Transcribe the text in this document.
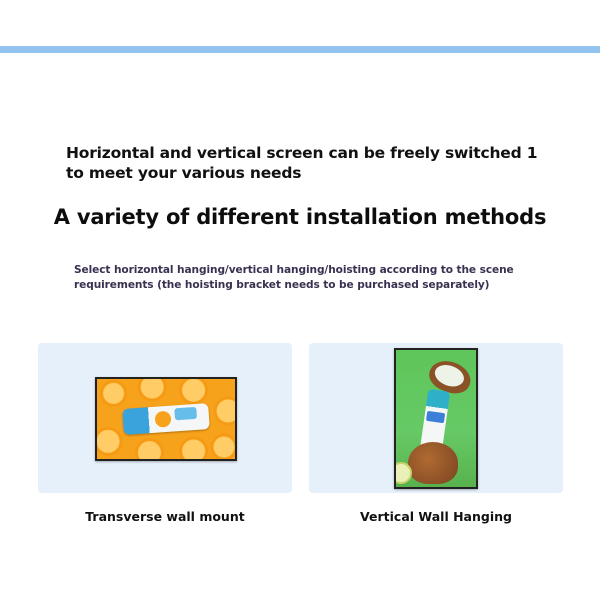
Horizontal and vertical screen can be freely switched 1 to meet your various needs
A variety of different installation methods
Select horizontal hanging/vertical hanging/hoisting according to the scene requirements (the hoisting bracket needs to be purchased separately)
Transverse wall mount	Vertical Wall Hanging
